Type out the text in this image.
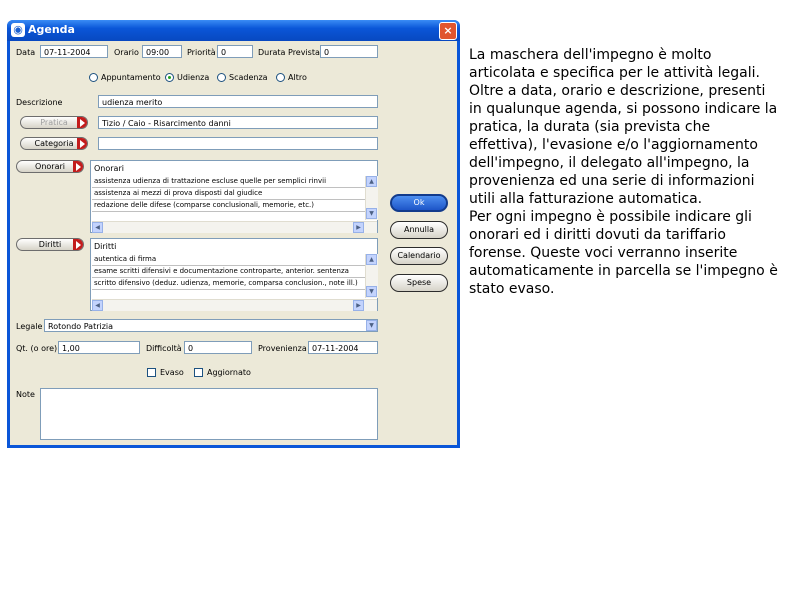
◉ Agenda	×
Data	07-11-2004	Orario 09:00	Priorità 0	Durata Prevista 0
Appuntamento Udienza Scadenza	Altro
Descrizione	udienza merito
Pratica	Tizio / Caio - Risarcimento danni
Categoria
Onorari	Onorari
assistenza udienza di trattazione escluse quelle per semplici rinvii
assistenza ai mezzi di prova disposti dal giudice
redazione delle difese (comparse conclusionali, memorie, etc.)
▲
▼
◀	▶
Diritti	Diritti
autentica di firma
esame scritti difensivi e documentazione controparte, anterior. sentenza
scritto difensivo (deduz. udienza, memorie, comparsa conclusion., note ill.)
▲
▼
◀	▶
Ok
Annulla
Calendario
Spese
Legale Rotondo Patrizia	▼
Qt. (o ore) 1,00	Difficoltà 0	Provenienza 07-11-2004
Evaso	Aggiornato
Note

La maschera dell'impegno è molto articolata e specifica per le attività legali. Oltre a data, orario e descrizione, presenti in qualunque agenda, si possono indicare la pratica, la durata (sia prevista che effettiva), l'evasione e/o l'aggiornamento dell'impegno, il delegato all'impegno, la provenienza ed una serie di informazioni utili alla fatturazione automatica.

Per ogni impegno è possibile indicare gli onorari ed i diritti dovuti da tariffario forense. Queste voci verranno inserite automaticamente in parcella se l'impegno è stato evaso.
